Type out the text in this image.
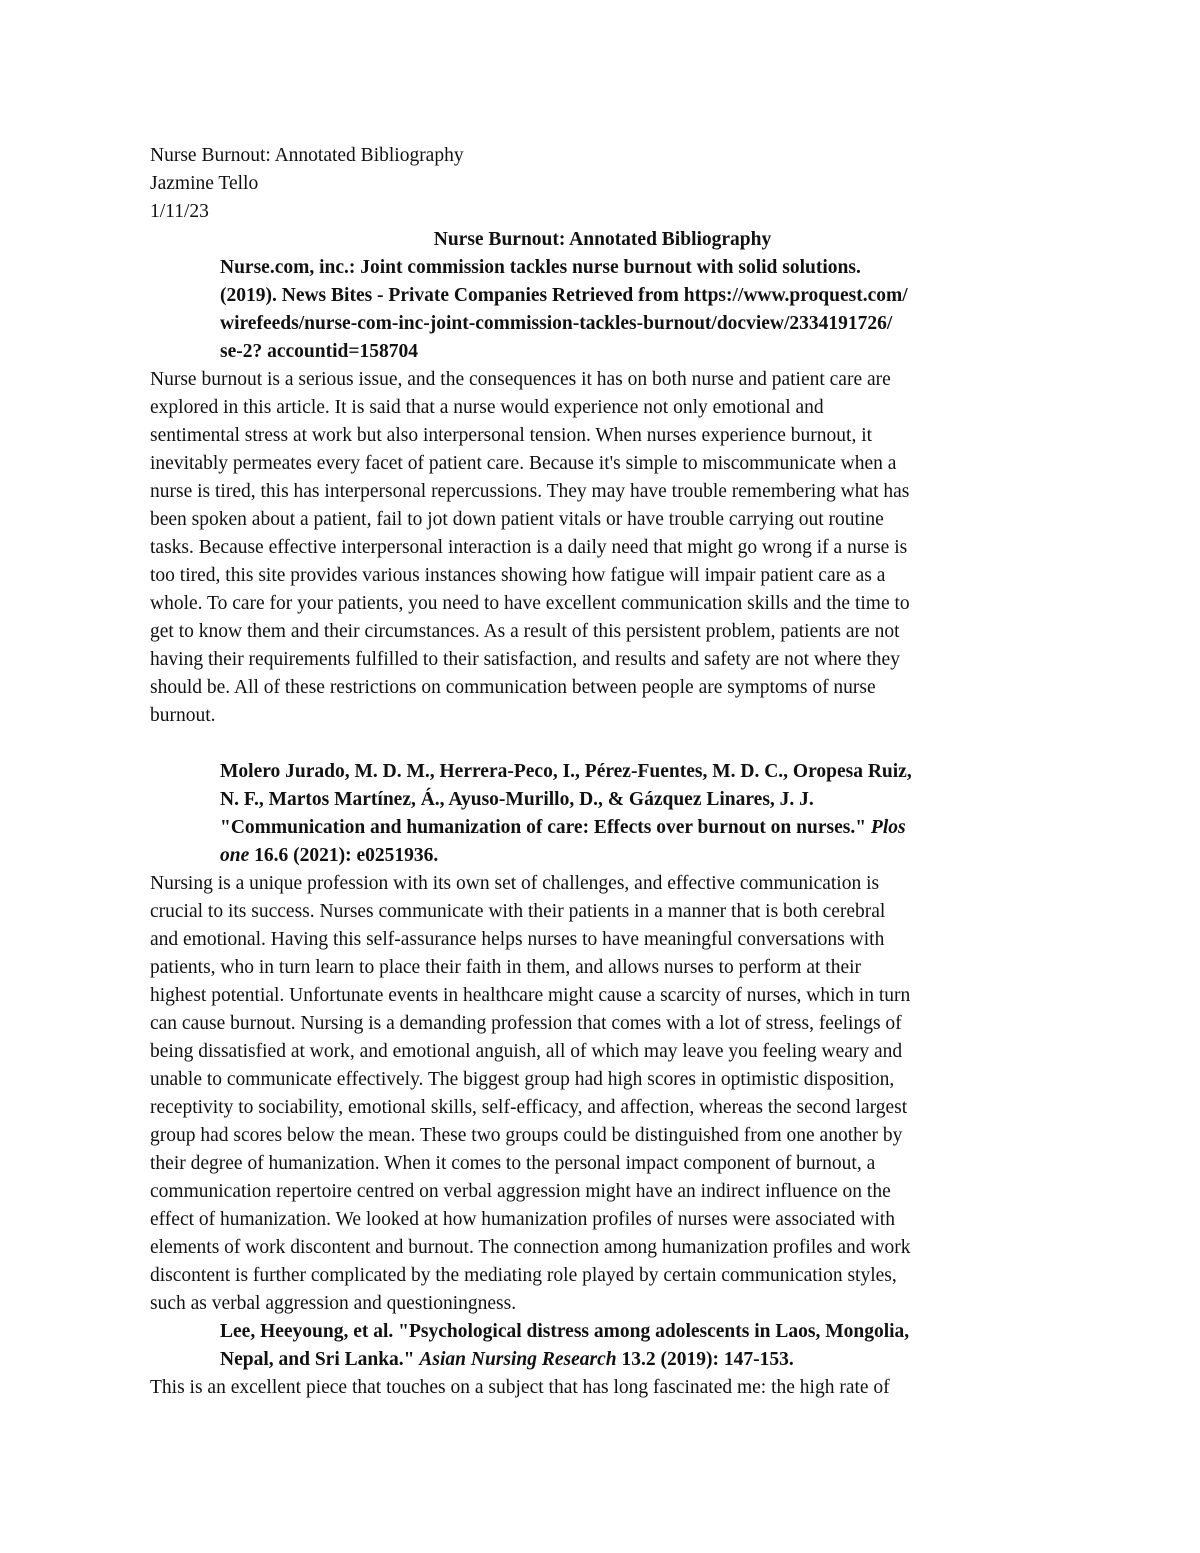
Nurse Burnout: Annotated Bibliography
Jazmine Tello
1/11/23
Nurse Burnout: Annotated Bibliography
Nurse.com, inc.: Joint commission tackles nurse burnout with solid solutions.
(2019). News Bites - Private Companies Retrieved from https://www.proquest.com/
wirefeeds/nurse-com-inc-joint-commission-tackles-burnout/docview/2334191726/
se-2? accountid=158704
Nurse burnout is a serious issue, and the consequences it has on both nurse and patient care are
explored in this article. It is said that a nurse would experience not only emotional and
sentimental stress at work but also interpersonal tension. When nurses experience burnout, it
inevitably permeates every facet of patient care. Because it's simple to miscommunicate when a
nurse is tired, this has interpersonal repercussions. They may have trouble remembering what has
been spoken about a patient, fail to jot down patient vitals or have trouble carrying out routine
tasks. Because effective interpersonal interaction is a daily need that might go wrong if a nurse is
too tired, this site provides various instances showing how fatigue will impair patient care as a
whole. To care for your patients, you need to have excellent communication skills and the time to
get to know them and their circumstances. As a result of this persistent problem, patients are not
having their requirements fulfilled to their satisfaction, and results and safety are not where they
should be. All of these restrictions on communication between people are symptoms of nurse
burnout.
Molero Jurado, M. D. M., Herrera-Peco, I., Pérez-Fuentes, M. D. C., Oropesa Ruiz,
N. F., Martos Martínez, Á., Ayuso-Murillo, D., & Gázquez Linares, J. J.
"Communication and humanization of care: Effects over burnout on nurses." Plos
one 16.6 (2021): e0251936.
Nursing is a unique profession with its own set of challenges, and effective communication is
crucial to its success. Nurses communicate with their patients in a manner that is both cerebral
and emotional. Having this self-assurance helps nurses to have meaningful conversations with
patients, who in turn learn to place their faith in them, and allows nurses to perform at their
highest potential. Unfortunate events in healthcare might cause a scarcity of nurses, which in turn
can cause burnout. Nursing is a demanding profession that comes with a lot of stress, feelings of
being dissatisfied at work, and emotional anguish, all of which may leave you feeling weary and
unable to communicate effectively. The biggest group had high scores in optimistic disposition,
receptivity to sociability, emotional skills, self-efficacy, and affection, whereas the second largest
group had scores below the mean. These two groups could be distinguished from one another by
their degree of humanization. When it comes to the personal impact component of burnout, a
communication repertoire centred on verbal aggression might have an indirect influence on the
effect of humanization. We looked at how humanization profiles of nurses were associated with
elements of work discontent and burnout. The connection among humanization profiles and work
discontent is further complicated by the mediating role played by certain communication styles,
such as verbal aggression and questioningness.
Lee, Heeyoung, et al. "Psychological distress among adolescents in Laos, Mongolia,
Nepal, and Sri Lanka." Asian Nursing Research 13.2 (2019): 147-153.
This is an excellent piece that touches on a subject that has long fascinated me: the high rate of
